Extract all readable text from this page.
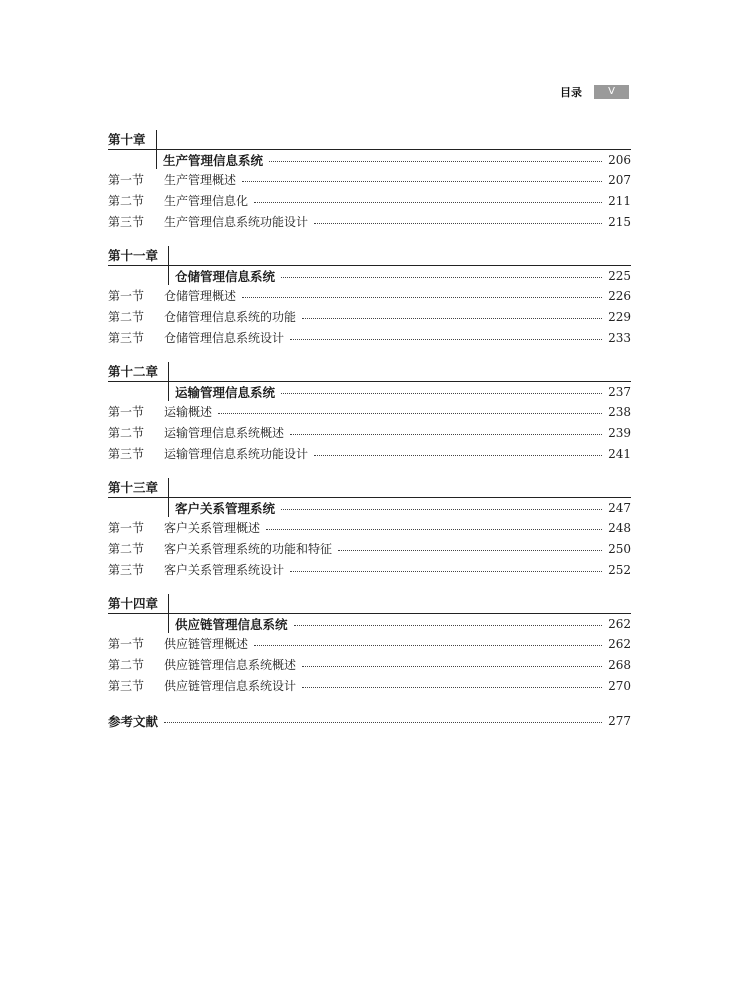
目录	V
第十章
生产管理信息系统	206
第一节	生产管理概述	207
第二节	生产管理信息化	211
第三节	生产管理信息系统功能设计	215
第十一章
仓储管理信息系统	225
第一节	仓储管理概述	226
第二节	仓储管理信息系统的功能	229
第三节	仓储管理信息系统设计	233
第十二章
运输管理信息系统	237
第一节	运输概述	238
第二节	运输管理信息系统概述	239
第三节	运输管理信息系统功能设计	241
第十三章
客户关系管理系统	247
第一节	客户关系管理概述	248
第二节	客户关系管理系统的功能和特征	250
第三节	客户关系管理系统设计	252
第十四章
供应链管理信息系统	262
第一节	供应链管理概述	262
第二节	供应链管理信息系统概述	268
第三节	供应链管理信息系统设计	270
参考文献	277
